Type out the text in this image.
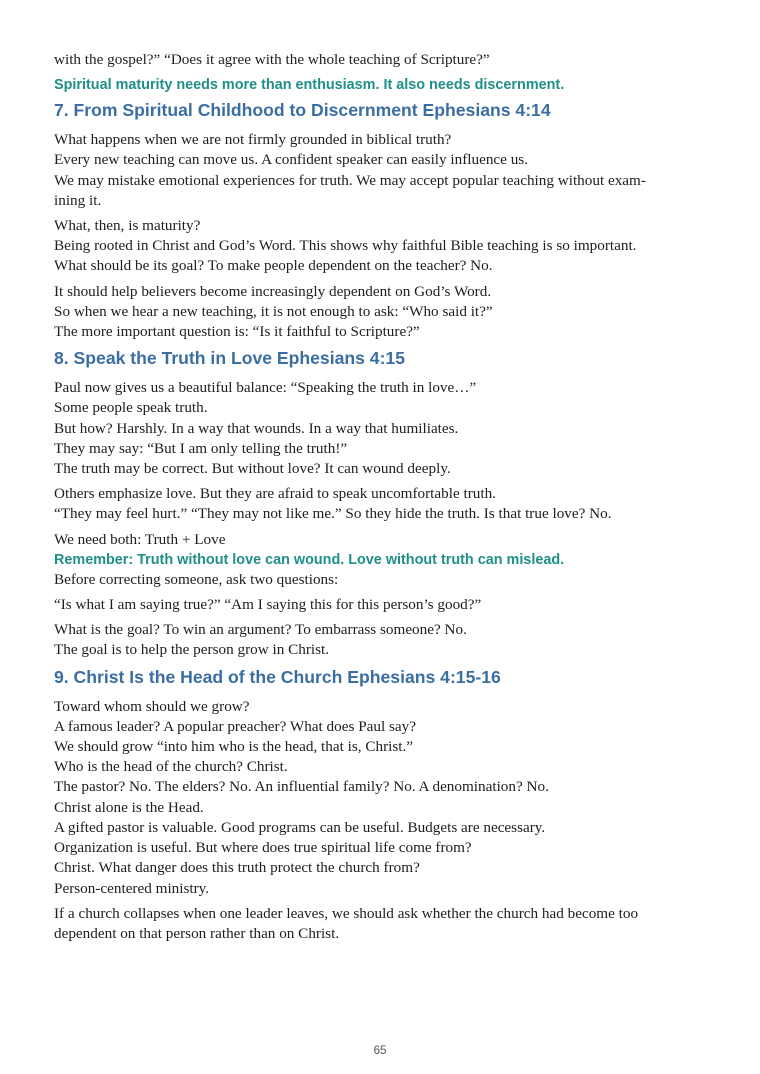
with the gospel?” “Does it agree with the whole teaching of Scripture?”

Spiritual maturity needs more than enthusiasm. It also needs discernment.

7. From Spiritual Childhood to Discernment Ephesians 4:14

What happens when we are not firmly grounded in biblical truth?
Every new teaching can move us. A confident speaker can easily influence us.
We may mistake emotional experiences for truth. We may accept popular teaching without exam-
ining it.

What, then, is maturity?
Being rooted in Christ and God’s Word. This shows why faithful Bible teaching is so important.
What should be its goal? To make people dependent on the teacher? No.

It should help believers become increasingly dependent on God’s Word.
So when we hear a new teaching, it is not enough to ask: “Who said it?”
The more important question is: “Is it faithful to Scripture?”

8. Speak the Truth in Love Ephesians 4:15

Paul now gives us a beautiful balance: “Speaking the truth in love…”
Some people speak truth.
But how? Harshly. In a way that wounds. In a way that humiliates.
They may say: “But I am only telling the truth!”
The truth may be correct. But without love? It can wound deeply.

Others emphasize love. But they are afraid to speak uncomfortable truth.
“They may feel hurt.” “They may not like me.” So they hide the truth. Is that true love? No.

We need both: Truth + Love

Remember: Truth without love can wound. Love without truth can mislead.

Before correcting someone, ask two questions:

“Is what I am saying true?” “Am I saying this for this person’s good?”

What is the goal? To win an argument? To embarrass someone? No.
The goal is to help the person grow in Christ.

9. Christ Is the Head of the Church Ephesians 4:15‑16

Toward whom should we grow?
A famous leader? A popular preacher? What does Paul say?
We should grow “into him who is the head, that is, Christ.”
Who is the head of the church? Christ.
The pastor? No. The elders? No. An influential family? No. A denomination? No.
Christ alone is the Head.
A gifted pastor is valuable. Good programs can be useful. Budgets are necessary.
Organization is useful. But where does true spiritual life come from?
Christ. What danger does this truth protect the church from?
Person-centered ministry.

If a church collapses when one leader leaves, we should ask whether the church had become too
dependent on that person rather than on Christ.

65
